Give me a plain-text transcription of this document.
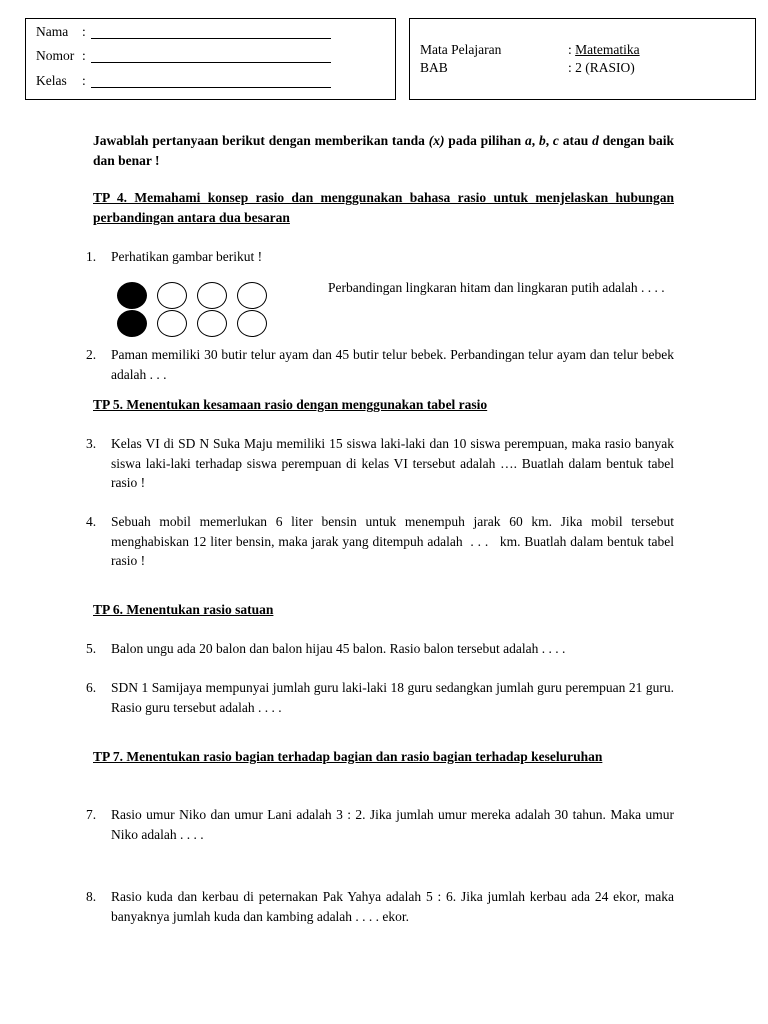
Nama :
Nomor :
Kelas :
Mata Pelajaran	: Matematika
BAB	: 2 (RASIO)
Jawablah pertanyaan berikut dengan memberikan tanda (x) pada pilihan a, b, c atau d dengan baik dan benar !
TP 4. Memahami konsep rasio dan menggunakan bahasa rasio untuk menjelaskan hubungan perbandingan antara dua besaran
1.	Perhatikan gambar berikut !
Perbandingan lingkaran hitam dan lingkaran putih adalah . . . .
2.	Paman memiliki 30 butir telur ayam dan 45 butir telur bebek. Perbandingan telur ayam dan telur bebek adalah . . .
TP 5. Menentukan kesamaan rasio dengan menggunakan tabel rasio
3.	Kelas VI di SD N Suka Maju memiliki 15 siswa laki-laki dan 10 siswa perempuan, maka rasio banyak siswa laki-laki terhadap siswa perempuan di kelas VI tersebut adalah …. Buatlah dalam bentuk tabel rasio !
4.	Sebuah mobil memerlukan 6 liter bensin untuk menempuh jarak 60 km. Jika mobil tersebut menghabiskan 12 liter bensin, maka jarak yang ditempuh adalah  . . .   km. Buatlah dalam bentuk tabel rasio !
TP 6. Menentukan rasio satuan
5.	Balon ungu ada 20 balon dan balon hijau 45 balon. Rasio balon tersebut adalah . . . .
6.	SDN 1 Samijaya mempunyai jumlah guru laki-laki 18 guru sedangkan jumlah guru perempuan 21 guru. Rasio guru tersebut adalah . . . .
TP 7. Menentukan rasio bagian terhadap bagian dan rasio bagian terhadap keseluruhan
7.	Rasio umur Niko dan umur Lani adalah 3 : 2. Jika jumlah umur mereka adalah 30 tahun. Maka umur Niko adalah . . . .
8.	Rasio kuda dan kerbau di peternakan Pak Yahya adalah 5 : 6. Jika jumlah kerbau ada 24 ekor, maka banyaknya jumlah kuda dan kambing adalah . . . . ekor.
